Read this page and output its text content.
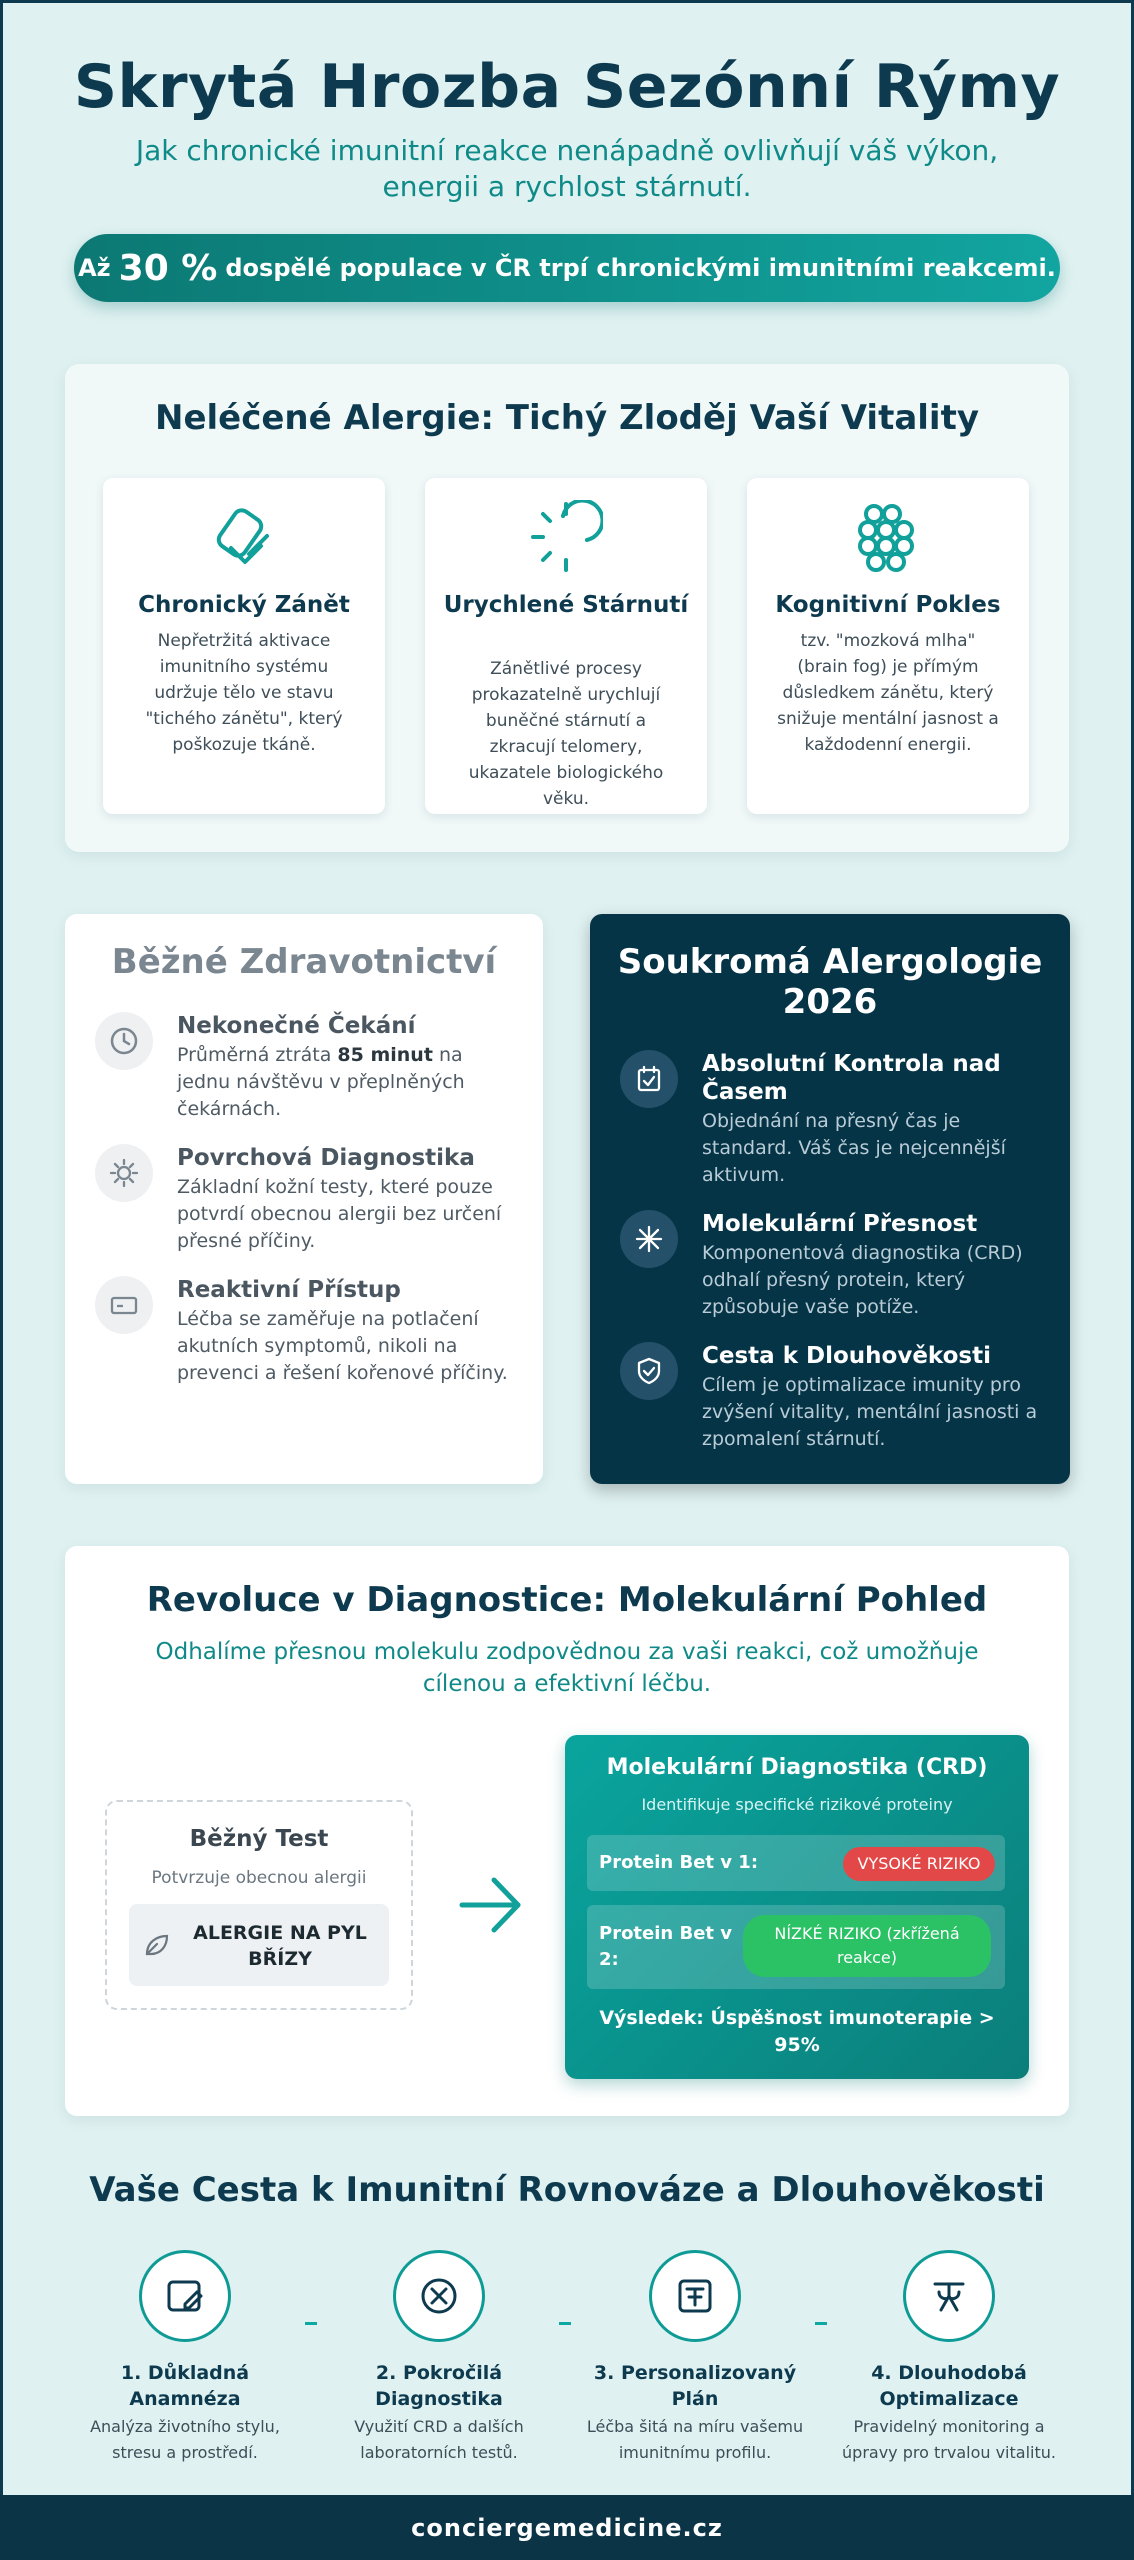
Skrytá Hrozba Sezónní Rýmy

Jak chronické imunitní reakce nenápadně ovlivňují váš výkon, energii a rychlost stárnutí.

Až 30 % dospělé populace v ČR trpí chronickými imunitními reakcemi.
Neléčené Alergie: Tichý Zloděj Vaší Vitality
Chronický Zánět
Nepřetržitá aktivace imunitního systému udržuje tělo ve stavu "tichého zánětu", který poškozuje tkáně.
Urychlené Stárnutí
Zánětlivé procesy prokazatelně urychlují buněčné stárnutí a zkracují telomery, ukazatele biologického věku.
Kognitivní Pokles
tzv. "mozková mlha" (brain fog) je přímým důsledkem zánětu, který snižuje mentální jasnost a každodenní energii.
Běžné Zdravotnictví
Nekonečné Čekání
Průměrná ztráta 85 minut na jednu návštěvu v přeplněných čekárnách.
Povrchová Diagnostika
Základní kožní testy, které pouze potvrdí obecnou alergii bez určení přesné příčiny.
Reaktivní Přístup
Léčba se zaměřuje na potlačení akutních symptomů, nikoli na prevenci a řešení kořenové příčiny.
Soukromá Alergologie 2026
Absolutní Kontrola nad Časem
Objednání na přesný čas je standard. Váš čas je nejcennější aktivum.
Molekulární Přesnost
Komponentová diagnostika (CRD) odhalí přesný protein, který způsobuje vaše potíže.
Cesta k Dlouhověkosti
Cílem je optimalizace imunity pro zvýšení vitality, mentální jasnosti a zpomalení stárnutí.
Revoluce v Diagnostice: Molekulární Pohled

Odhalíme přesnou molekulu zodpovědnou za vaši reakci, což umožňuje cílenou a efektivní léčbu.

Běžný Test
Potvrzuje obecnou alergii
ALERGIE NA PYL BŘÍZY
Molekulární Diagnostika (CRD)
Identifikuje specifické rizikové proteiny
Protein Bet v 1:	VYSOKÉ RIZIKO
Protein Bet v 2:
NÍZKÉ RIZIKO (zkřížená reakce)
Výsledek: Úspěšnost imunoterapie > 95%
Vaše Cesta k Imunitní Rovnováze a Dlouhověkosti
1. Důkladná Anamnéza
Analýza životního stylu, stresu a prostředí.
2. Pokročilá Diagnostika
Využití CRD a dalších laboratorních testů.
3. Personalizovaný Plán
Léčba šitá na míru vašemu imunitnímu profilu.
4. Dlouhodobá Optimalizace
Pravidelný monitoring a úpravy pro trvalou vitalitu.
conciergemedicine.cz
